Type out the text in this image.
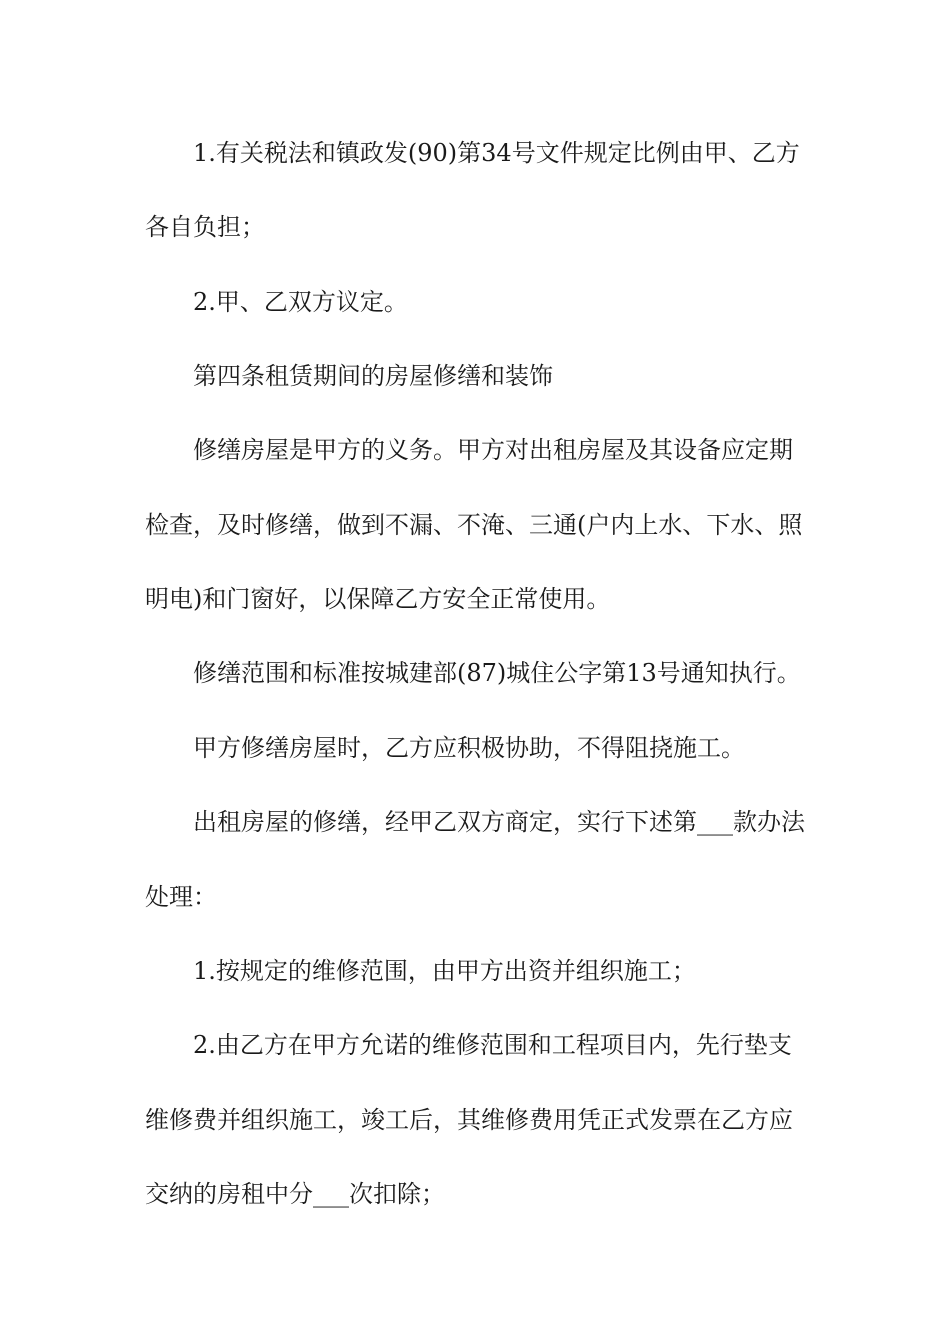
1.有关税法和镇政发(90)第34号文件规定比例由甲、乙方
各自负担；
2.甲、乙双方议定。
第四条租赁期间的房屋修缮和装饰
修缮房屋是甲方的义务。甲方对出租房屋及其设备应定期
检查，及时修缮，做到不漏、不淹、三通(户内上水、下水、照
明电)和门窗好，以保障乙方安全正常使用。
修缮范围和标准按城建部(87)城住公字第13号通知执行。
甲方修缮房屋时，乙方应积极协助，不得阻挠施工。
出租房屋的修缮，经甲乙双方商定，实行下述第___款办法
处理：
1.按规定的维修范围，由甲方出资并组织施工；
2.由乙方在甲方允诺的维修范围和工程项目内，先行垫支
维修费并组织施工，竣工后，其维修费用凭正式发票在乙方应
交纳的房租中分___次扣除；
